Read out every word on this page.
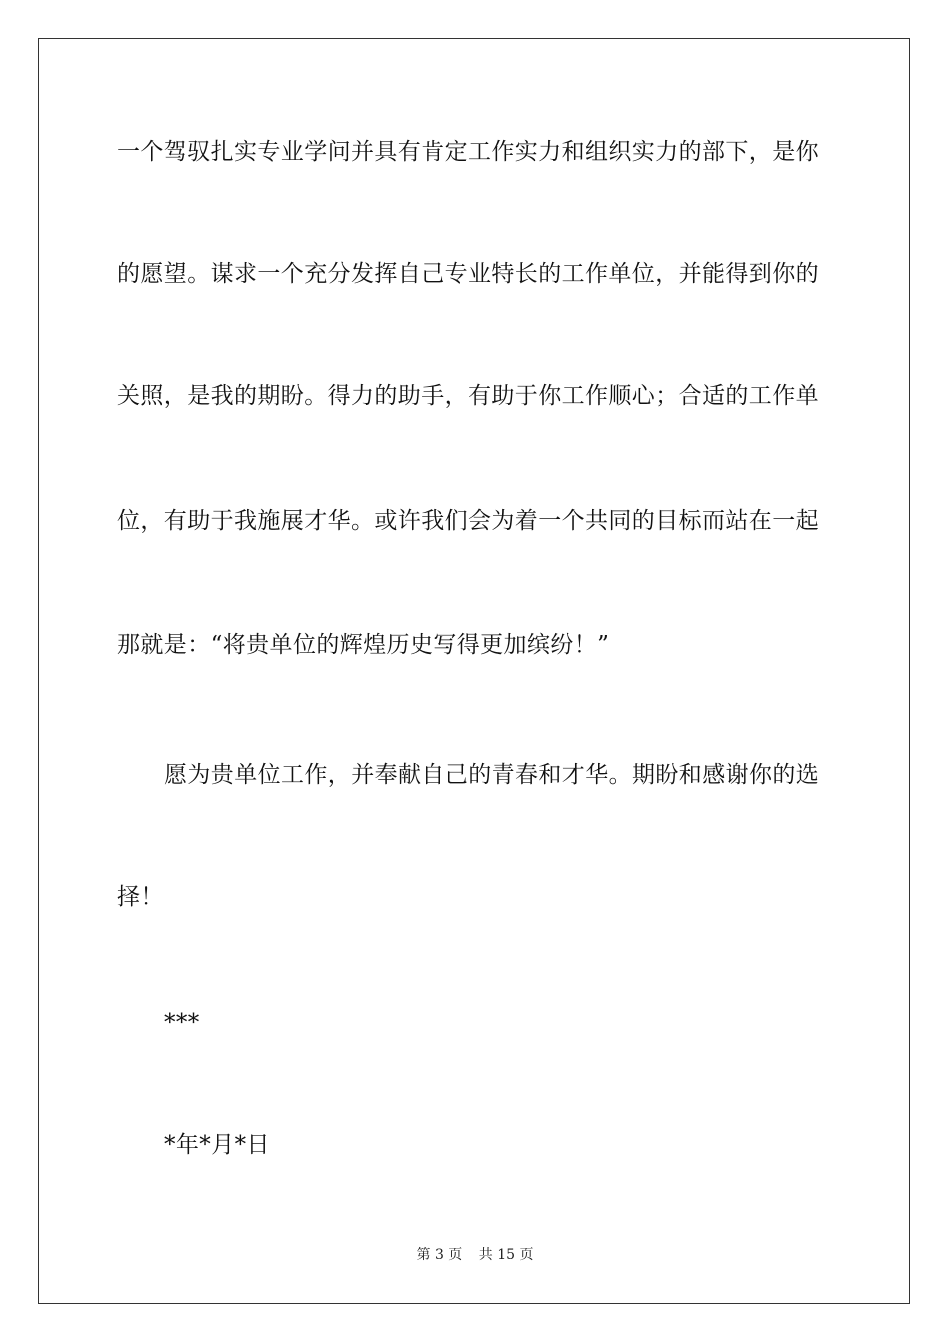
一个驾驭扎实专业学问并具有肯定工作实力和组织实力的部下，是你
的愿望。谋求一个充分发挥自己专业特长的工作单位，并能得到你的
关照，是我的期盼。得力的助手，有助于你工作顺心；合适的工作单
位，有助于我施展才华。或许我们会为着一个共同的目标而站在一起
那就是：“将贵单位的辉煌历史写得更加缤纷！”
愿为贵单位工作，并奉献自己的青春和才华。期盼和感谢你的选
择！
***
*年*月*日
第 3 页 共 15 页
